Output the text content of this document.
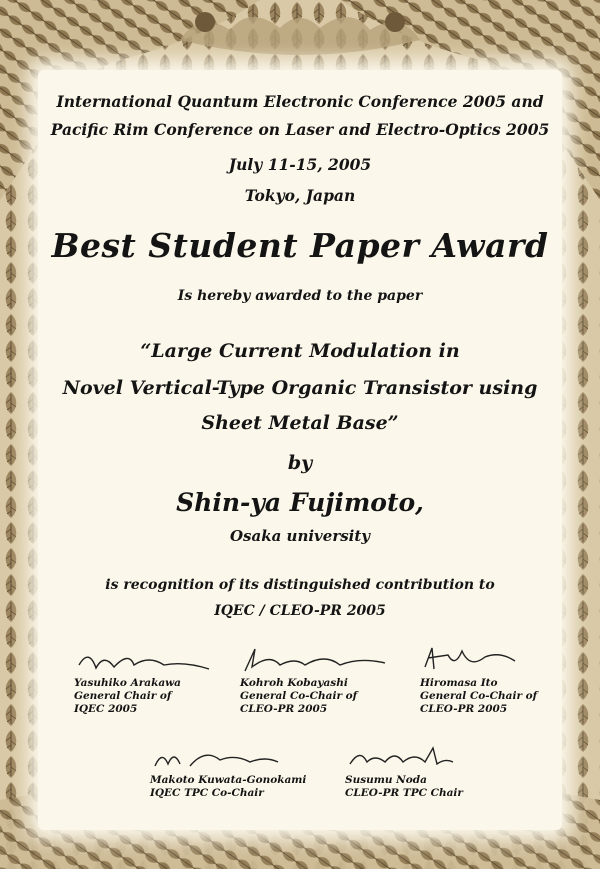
International Quantum Electronic Conference 2005 and
Pacific Rim Conference on Laser and Electro-Optics 2005
July 11-15, 2005
Tokyo, Japan
Best Student Paper Award
Is hereby awarded to the paper
“Large Current Modulation in
Novel Vertical-Type Organic Transistor using
Sheet Metal Base”
by
Shin-ya Fujimoto,
Osaka university
is recognition of its distinguished contribution to
IQEC / CLEO-PR 2005
Yasuhiko Arakawa
General Chair of
IQEC 2005
Kohroh Kobayashi
General Co-Chair of
CLEO-PR 2005
Hiromasa Ito
General Co-Chair of
CLEO-PR 2005
Makoto Kuwata-Gonokami
IQEC TPC Co-Chair
Susumu Noda
CLEO-PR TPC Chair
